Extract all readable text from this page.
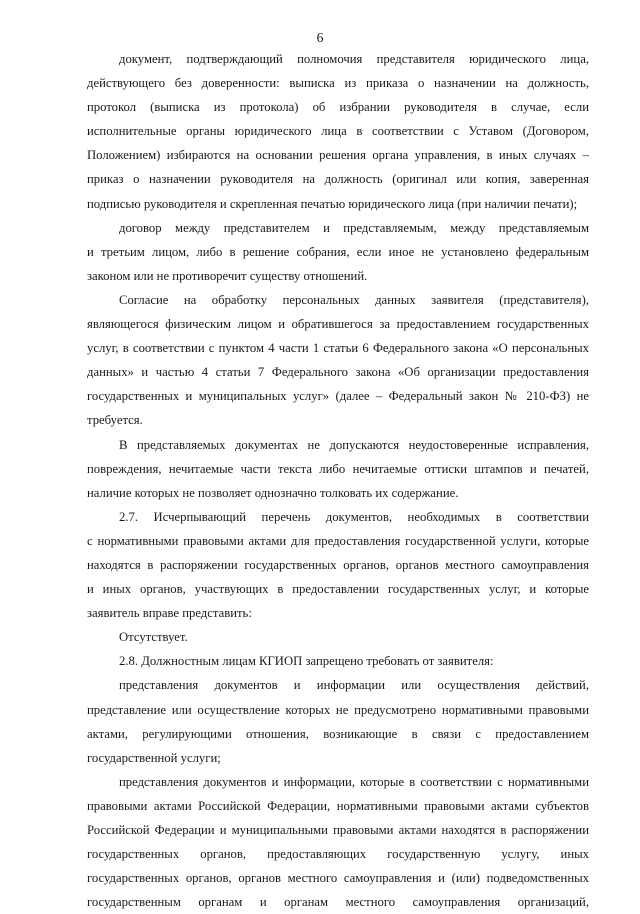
6

документ, подтверждающий полномочия представителя юридического лица,

действующего без доверенности: выписка из приказа о назначении на должность,

протокол (выписка из протокола) об избрании руководителя в случае, если

исполнительные органы юридического лица в соответствии с Уставом (Договором,

Положением) избираются на основании решения органа управления, в иных случаях –

приказ о назначении руководителя на должность (оригинал или копия, заверенная

подписью руководителя и скрепленная печатью юридического лица (при наличии печати);

договор между представителем и представляемым, между представляемым

и третьим лицом, либо в решение собрания, если иное не установлено федеральным

законом или не противоречит существу отношений.

Согласие на обработку персональных данных заявителя (представителя),

являющегося физическим лицом и обратившегося за предоставлением государственных

услуг, в соответствии с пунктом 4 части 1 статьи 6 Федерального закона «О персональных

данных» и частью 4 статьи 7 Федерального закона «Об организации предоставления

государственных и муниципальных услуг» (далее – Федеральный закон № 210-ФЗ) не

требуется.

В представляемых документах не допускаются неудостоверенные исправления,

повреждения, нечитаемые части текста либо нечитаемые оттиски штампов и печатей,

наличие которых не позволяет однозначно толковать их содержание.

2.7. Исчерпывающий перечень документов, необходимых в соответствии

с нормативными правовыми актами для предоставления государственной услуги, которые

находятся в распоряжении государственных органов, органов местного самоуправления

и иных органов, участвующих в предоставлении государственных услуг, и которые

заявитель вправе представить:

Отсутствует.

2.8. Должностным лицам КГИОП запрещено требовать от заявителя:

представления документов и информации или осуществления действий,

представление или осуществление которых не предусмотрено нормативными правовыми

актами, регулирующими отношения, возникающие в связи с предоставлением

государственной услуги;

представления документов и информации, которые в соответствии с нормативными

правовыми актами Российской Федерации, нормативными правовыми актами субъектов

Российской Федерации и муниципальными правовыми актами находятся в распоряжении

государственных органов, предоставляющих государственную услугу, иных

государственных органов, органов местного самоуправления и (или) подведомственных

государственным органам и органам местного самоуправления организаций,
